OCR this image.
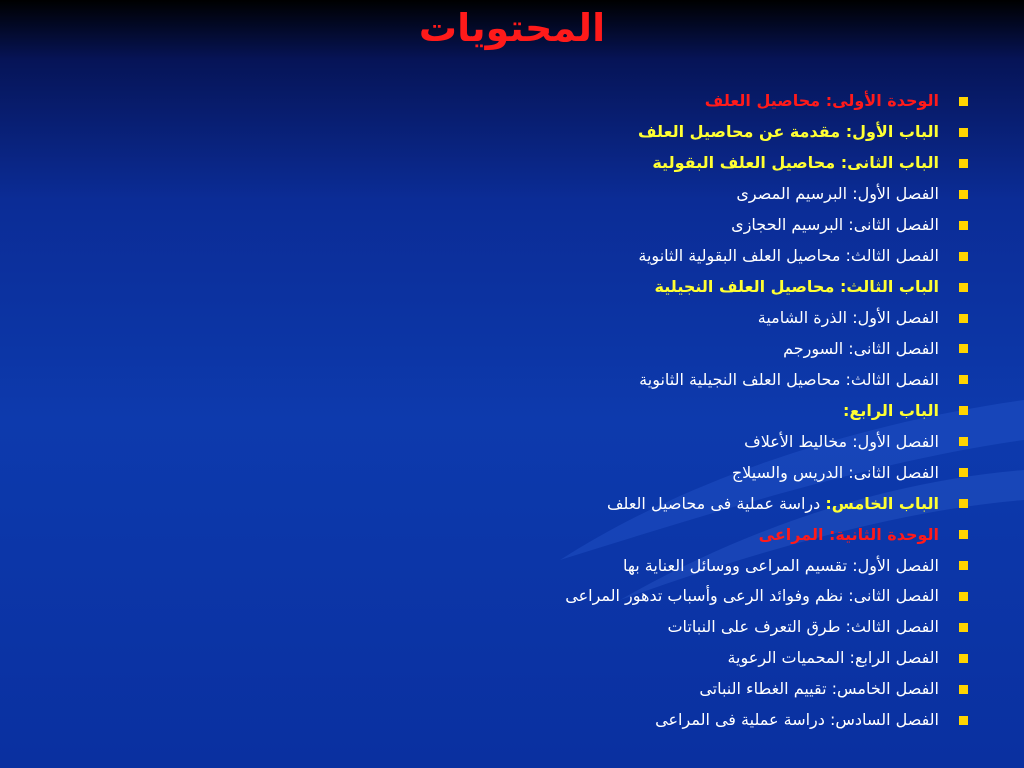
المحتويات
الوحدة الأولى: محاصيل العلف
الباب الأول: مقدمة عن محاصيل العلف
الباب الثانى: محاصيل العلف البقولية
الفصل الأول: البرسيم المصرى
الفصل الثانى: البرسيم الحجازى
الفصل الثالث: محاصيل العلف البقولية الثانوية
الباب الثالث: محاصيل العلف النجيلية
الفصل الأول: الذرة الشامية
الفصل الثانى: السورجم
الفصل الثالث: محاصيل العلف النجيلية الثانوية
الباب الرابع:
الفصل الأول: مخاليط الأعلاف
الفصل الثانى: الدريس والسيلاج
الباب الخامس: دراسة عملية فى محاصيل العلف
الوحدة الثانية: المراعى
الفصل الأول: تقسيم المراعى ووسائل العناية بها
الفصل الثانى: نظم وفوائد الرعى وأسباب تدهور المراعى
الفصل الثالث: طرق التعرف على النباتات
الفصل الرابع: المحميات الرعوية
الفصل الخامس: تقييم الغطاء النباتى
الفصل السادس: دراسة عملية فى المراعى
